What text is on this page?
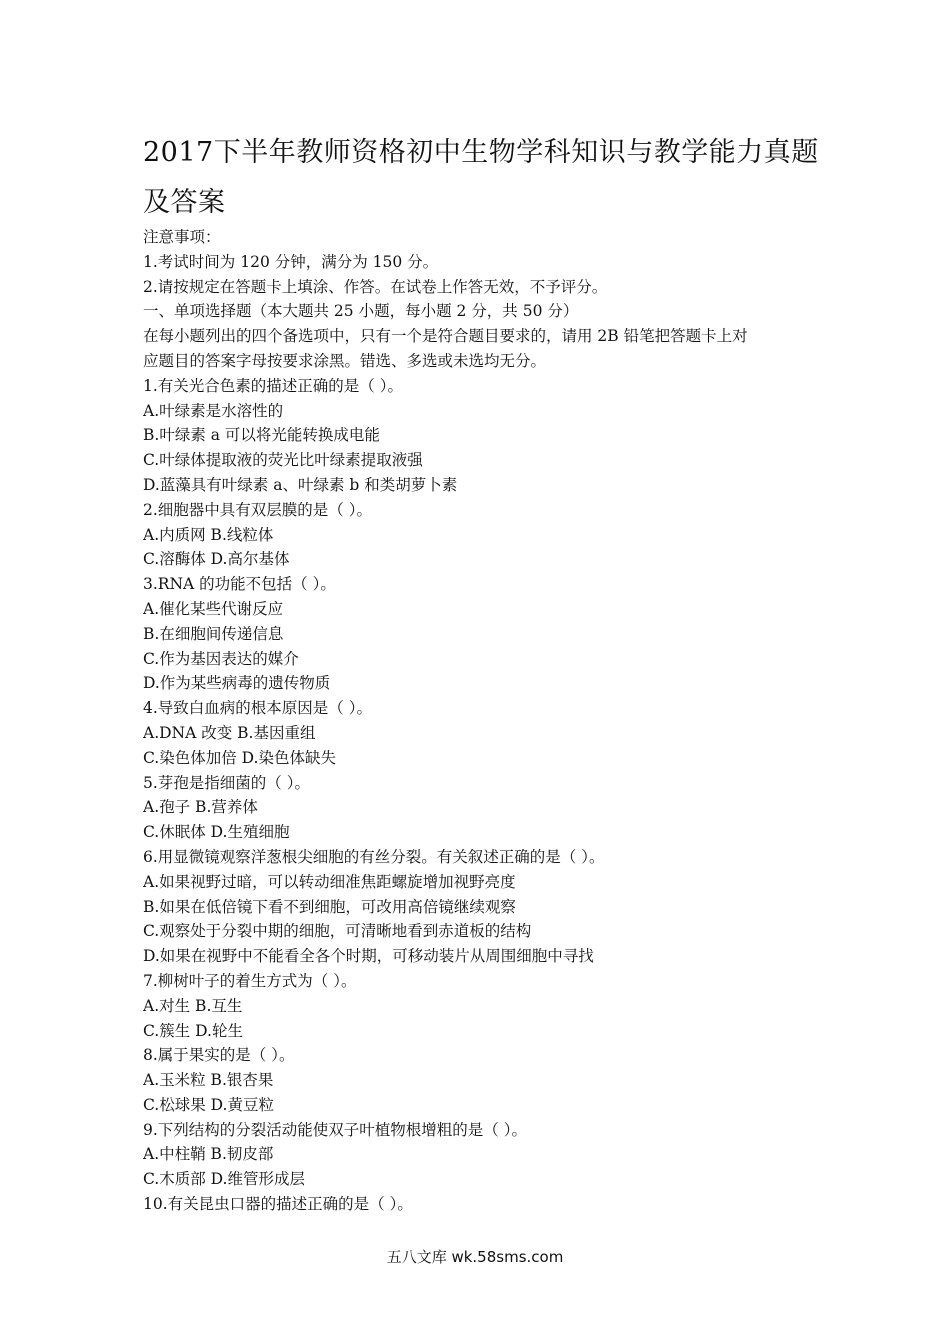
2017下半年教师资格初中生物学科知识与教学能力真题及答案
注意事项：
1.考试时间为 120 分钟，满分为 150 分。
2.请按规定在答题卡上填涂、作答。在试卷上作答无效，不予评分。
一、单项选择题（本大题共 25 小题，每小题 2 分，共 50 分）
在每小题列出的四个备选项中，只有一个是符合题目要求的，请用 2B 铅笔把答题卡上对
应题目的答案字母按要求涂黑。错选、多选或未选均无分。
1.有关光合色素的描述正确的是（ ）。
A.叶绿素是水溶性的
B.叶绿素 a 可以将光能转换成电能
C.叶绿体提取液的荧光比叶绿素提取液强
D.蓝藻具有叶绿素 a、叶绿素 b 和类胡萝卜素
2.细胞器中具有双层膜的是（ ）。
A.内质网 B.线粒体
C.溶酶体 D.高尔基体
3.RNA 的功能不包括（ ）。
A.催化某些代谢反应
B.在细胞间传递信息
C.作为基因表达的媒介
D.作为某些病毒的遗传物质
4.导致白血病的根本原因是（ ）。
A.DNA 改变 B.基因重组
C.染色体加倍 D.染色体缺失
5.芽孢是指细菌的（ ）。
A.孢子 B.营养体
C.休眠体 D.生殖细胞
6.用显微镜观察洋葱根尖细胞的有丝分裂。有关叙述正确的是（ ）。
A.如果视野过暗，可以转动细准焦距螺旋增加视野亮度
B.如果在低倍镜下看不到细胞，可改用高倍镜继续观察
C.观察处于分裂中期的细胞，可清晰地看到赤道板的结构
D.如果在视野中不能看全各个时期，可移动装片从周围细胞中寻找
7.柳树叶子的着生方式为（ ）。
A.对生 B.互生
C.簇生 D.轮生
8.属于果实的是（ ）。
A.玉米粒 B.银杏果
C.松球果 D.黄豆粒
9.下列结构的分裂活动能使双子叶植物根增粗的是（ ）。
A.中柱鞘 B.韧皮部
C.木质部 D.维管形成层
10.有关昆虫口器的描述正确的是（ ）。
五八文库 wk.58sms.com
